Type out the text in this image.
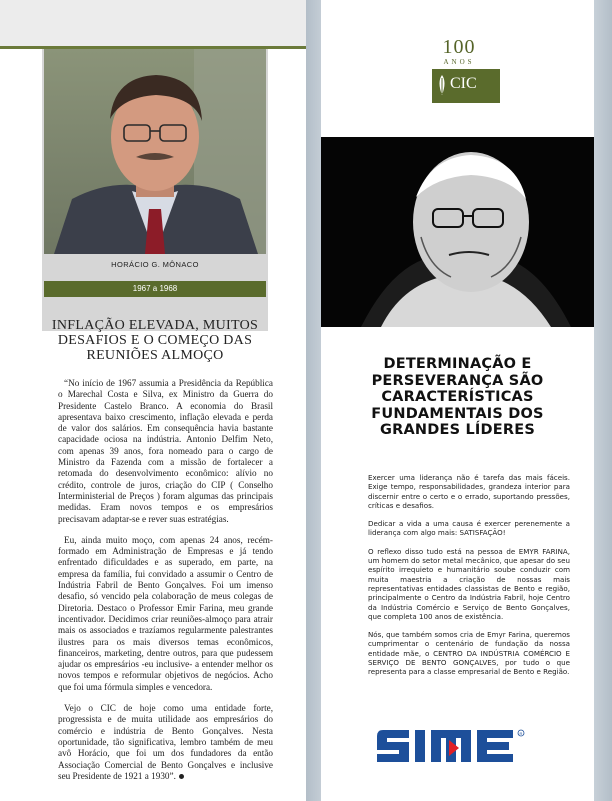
HORÁCIO G. MÔNACO
1967 a 1968
INFLAÇÃO ELEVADA, MUITOS DESAFIOS E O COMEÇO DAS REUNIÕES ALMOÇO

“No início de 1967 assumia a Presidência da República o Marechal Costa e Silva, ex Ministro da Guerra do Presidente Castelo Branco. A economia do Brasil apresentava baixo crescimento, inflação elevada e perda de valor dos salários. Em consequência havia bastante capacidade ociosa na indústria. Antonio Delfim Neto, com apenas 39 anos, fora nomeado para o cargo de Ministro da Fazenda com a missão de fortalecer a retomada do desenvolvimento econômico: alívio no crédito, controle de juros, criação do CIP ( Conselho Interministerial de Preços ) foram algumas das principais medidas. Eram novos tempos e os empresários precisavam adaptar-se e rever suas estratégias.

Eu, ainda muito moço, com apenas 24 anos, recém-formado em Administração de Empresas e já tendo enfrentado dificuldades e as superado, em parte, na empresa da família, fui convidado a assumir o Centro de Indústria Fabril de Bento Gonçalves. Foi um imenso desafio, só vencido pela colaboração de meus colegas de Diretoria. Destaco o Professor Emir Farina, meu grande incentivador. Decidimos criar reuniões-almoço para atrair mais os associados e trazíamos regularmente palestrantes ilustres para os mais diversos temas econômicos, financeiros, marketing, dentre outros, para que pudessem ajudar os empresários -eu inclusive- a entender melhor os novos tempos e reformular objetivos de negócios. Acho que foi uma fórmula simples e vencedora.

Vejo o CIC de hoje como uma entidade forte, progressista e de muita utilidade aos empresários do comércio e indústria de Bento Gonçalves. Nesta oportunidade, tão significativa, lembro também de meu avô Horácio, que foi um dos fundadores da então Associação Comercial de Bento Gonçalves e inclusive seu Presidente de 1921 a 1930”.

100
ANOS
CIC
DETERMINAÇÃO E PERSEVERANÇA SÃO CARACTERÍSTICAS FUNDAMENTAIS DOS GRANDES LÍDERES

Exercer uma liderança não é tarefa das mais fáceis. Exige tempo, responsabilidades, grandeza interior para discernir entre o certo e o errado, suportando pressões, críticas e desafios.

Dedicar a vida a uma causa é exercer perenemente a liderança com algo mais: SATISFAÇÃO!

O reflexo disso tudo está na pessoa de EMYR FARINA, um homem do setor metal mecânico, que apesar do seu espírito irrequieto e humanitário soube conduzir com muita maestria a criação de nossas mais representativas entidades classistas de Bento e região, principalmente o Centro da Indústria Fabril, hoje Centro da Indústria Comércio e Serviço de Bento Gonçalves, que completa 100 anos de existência.

Nós, que também somos cria de Emyr Farina, queremos cumprimentar o centenário de fundação da nossa entidade mãe, o CENTRO DA INDÚSTRIA COMÉRCIO E SERVIÇO DE BENTO GONÇALVES, por tudo o que representa para a classe empresarial de Bento e Região.

R
